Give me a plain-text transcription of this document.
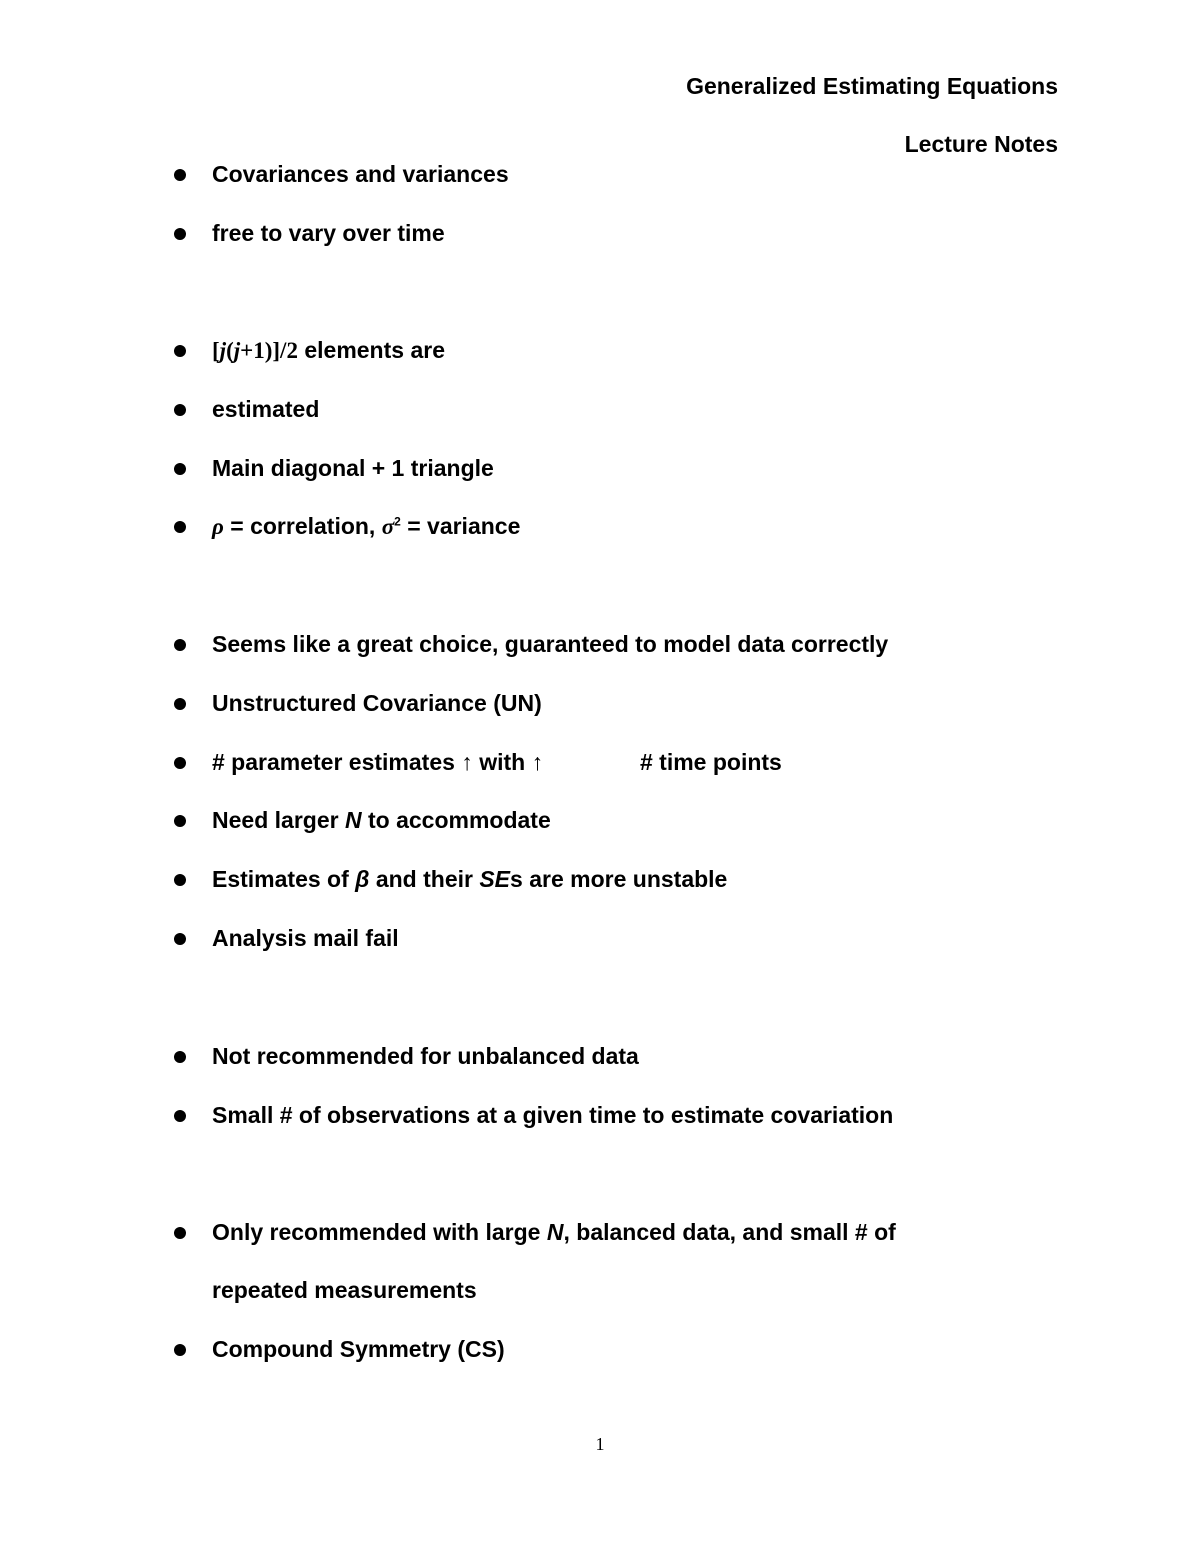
Generalized Estimating Equations
Lecture Notes
Covariances and variances
free to vary over time
[j(j+1)]/2 elements are
estimated
Main diagonal + 1 triangle
ρ = correlation, $\sigma^2$ = variance
Seems like a great choice, guaranteed to model data correctly
Unstructured Covariance (UN)
# parameter estimates ↑ with ↑	# time points
Need larger N to accommodate
Estimates of β and their SEs are more unstable
Analysis mail fail
Not recommended for unbalanced data
Small # of observations at a given time to estimate covariation
Only recommended with large N, balanced data, and small # of
repeated measurements
Compound Symmetry (CS)
1
